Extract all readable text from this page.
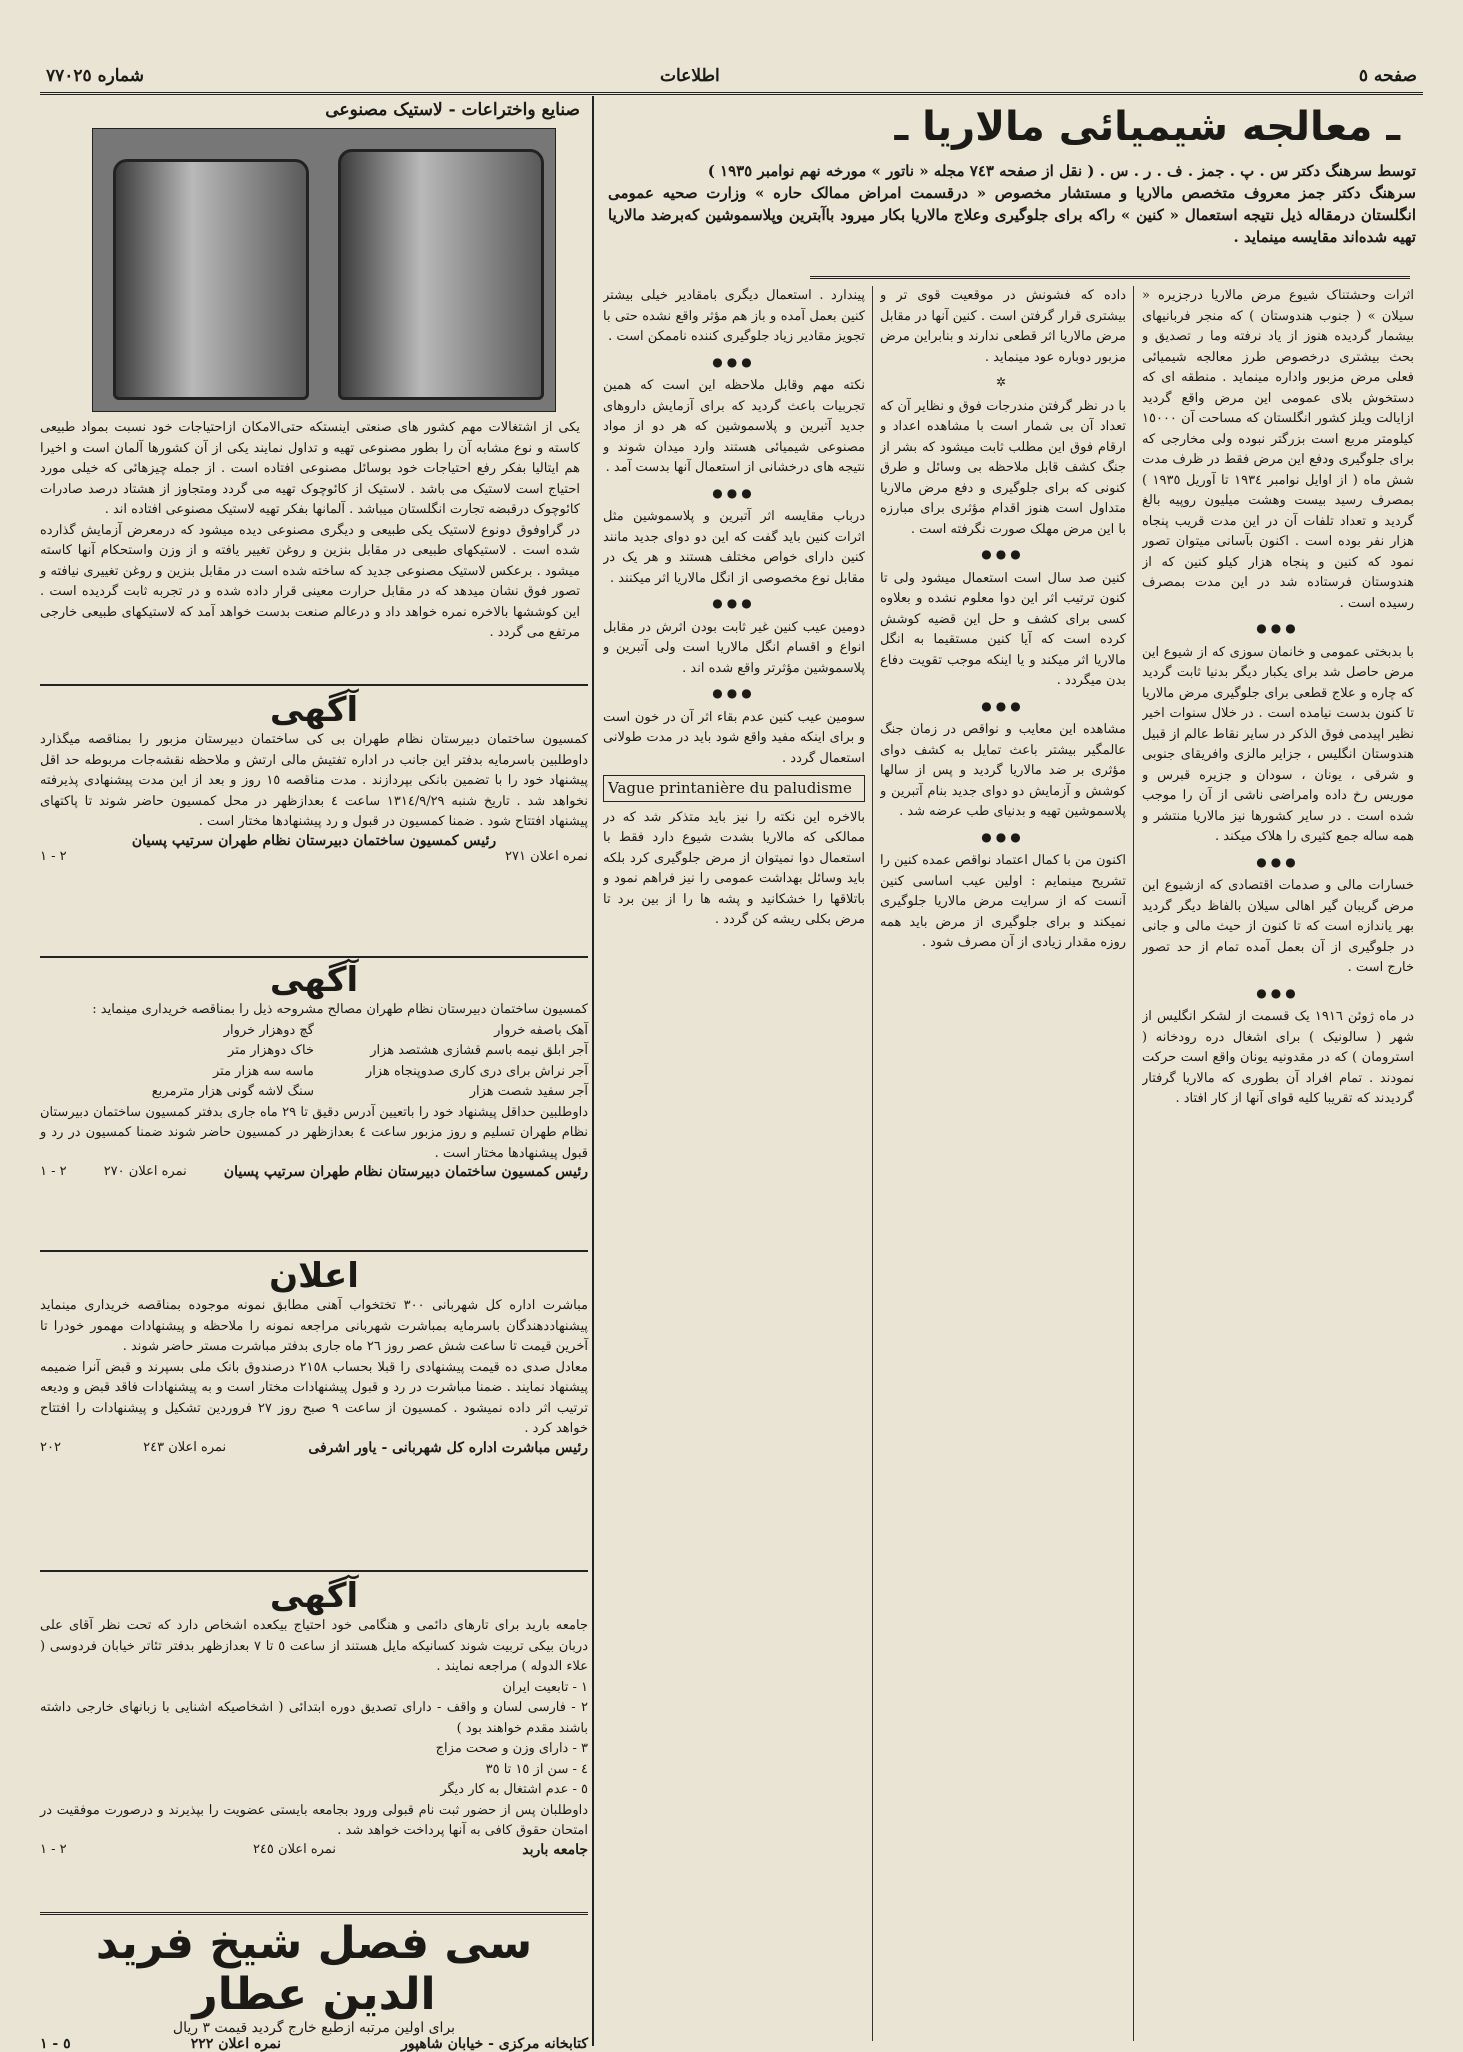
صفحه ٥
اطلاعات
شماره ٧٧٠٢٥
ـ معالجه شیمیائی مالاریا ـ
توسط سرهنگ دکتر س . پ . جمز . ف . ر . س . ( نقل از صفحه ٧٤٣ مجله « ناتور » مورخه نهم نوامبر ١٩٣٥ )
سرهنگ دکتر جمز معروف متخصص مالاریا و مستشار مخصوص « درقسمت امراض ممالک حاره » وزارت صحیه عمومی انگلستان درمقاله ذیل نتیجه استعمال « کنین » راکه برای جلوگیری وعلاج مالاریا بکار میرود باآبترین وپلاسموشین که‌برضد مالاریا تهیه شده‌اند مقایسه مینماید .
اثرات وحشتناک شیوع مرض مالاریا درجزیره « سیلان » ( جنوب هندوستان ) که منجر فربانیهای بیشمار گردیده هنوز از یاد نرفته وما ر تصدیق و بحث بیشتری درخصوص طرز معالجه شیمیائی فعلی مرض مزبور واداره مینماید . منطقه ای که دستخوش بلای عمومی این مرض واقع گردید ازایالت ویلز کشور انگلستان که مساحت آن ١٥٠٠٠ کیلومتر مربع است بزرگتر نبوده ولی مخارجی که برای جلوگیری ودفع این مرض فقط در ظرف مدت شش ماه ( از اوایل نوامبر ١٩٣٤ تا آوریل ١٩٣٥ ) بمصرف رسید بیست وهشت میلیون روپیه بالغ گردید و تعداد تلفات آن در این مدت قریب پنجاه هزار نفر بوده است . اکنون بآسانی میتوان تصور نمود که کنین و پنجاه هزار کیلو کنین که از هندوستان فرستاده شد در این مدت بمصرف رسیده است .
●●●
با بدبختی عمومی و خانمان سوزی که از شیوع این مرض حاصل شد برای یکبار دیگر بدنیا ثابت گردید که چاره و علاج قطعی برای جلوگیری مرض مالاریا تا کنون بدست نیامده است . در خلال سنوات اخیر نظیر اپیدمی فوق الذکر در سایر نقاط عالم از قبیل هندوستان انگلیس ، جزایر مالزی وافریقای جنوبی و شرقی ، یونان ، سودان و جزیره قبرس و موریس رخ داده وامراضی ناشی از آن را موجب شده است . در سایر کشورها نیز مالاریا منتشر و همه ساله جمع کثیری را هلاک میکند .
●●●
خسارات مالی و صدمات اقتصادی که ازشیوع این مرض گریبان گیر اهالی سیلان بالفاظ دیگر گردید بهر یاندازه است که تا کنون از حیث مالی و جانی در جلوگیری از آن بعمل آمده تمام از حد تصور خارج است .
●●●
در ماه ژوئن ١٩١٦ یک قسمت از لشکر انگلیس از شهر ( سالونیک ) برای اشغال دره رودخانه ( استرومان ) که در مقدونیه یونان واقع است حرکت نمودند . تمام افراد آن بطوری که مالاریا گرفتار گردیدند که تقریبا کلیه قوای آنها از کار افتاد .
داده که فشونش در موقعیت قوی تر و بیشتری قرار گرفتن است . کنین آنها در مقابل مرض مالاریا اثر قطعی ندارند و بنابراین مرض مزبور دوباره عود مینماید .
✲
با در نظر گرفتن مندرجات فوق و نظایر آن که تعداد آن بی شمار است با مشاهده اعداد و ارقام فوق این مطلب ثابت میشود که بشر از جنگ کشف قابل ملاحظه بی وسائل و طرق کنونی که برای جلوگیری و دفع مرض مالاریا متداول است هنوز اقدام مؤثری برای مبارزه با این مرض مهلک صورت نگرفته است .
●●●
کنین صد سال است استعمال میشود ولی تا کنون ترتیب اثر این دوا معلوم نشده و بعلاوه کسی برای کشف و حل این قضیه کوشش کرده است که آیا کنین مستقیما به انگل مالاریا اثر میکند و یا اینکه موجب تقویت دفاع بدن میگردد .
●●●
مشاهده این معایب و نواقص در زمان جنگ عالمگیر بیشتر باعث تمایل به کشف دوای مؤثری بر ضد مالاریا گردید و پس از سالها کوشش و آزمایش دو دوای جدید بنام آتبرین و پلاسموشین تهیه و بدنیای طب عرضه شد .
●●●
اکنون من با کمال اعتماد نواقص عمده کنین را تشریح مینمایم : اولین عیب اساسی کنین آنست که از سرایت مرض مالاریا جلوگیری نمیکند و برای جلوگیری از مرض باید همه روزه مقدار زیادی از آن مصرف شود .
پیندارد . استعمال دیگری بامقادیر خیلی بیشتر کنین بعمل آمده و باز هم مؤثر واقع نشده حتی با تجویز مقادیر زیاد جلوگیری کننده ناممکن است .
●●●
نکته مهم وقابل ملاحظه این است که همین تجربیات باعث گردید که برای آزمایش داروهای جدید آتبرین و پلاسموشین که هر دو از مواد مصنوعی شیمیائی هستند وارد میدان شوند و نتیجه های درخشانی از استعمال آنها بدست آمد .
●●●
درباب مقایسه اثر آتبرین و پلاسموشین مثل اثرات کنین باید گفت که این دو دوای جدید مانند کنین دارای خواص مختلف هستند و هر یک در مقابل نوع مخصوصی از انگل مالاریا اثر میکنند .
●●●
دومین عیب کنین غیر ثابت بودن اثرش در مقابل انواع و اقسام انگل مالاریا است ولی آتبرین و پلاسموشین مؤثرتر واقع شده اند .
●●●
سومین عیب کنین عدم بقاء اثر آن در خون است و برای اینکه مفید واقع شود باید در مدت طولانی استعمال گردد .
Vague printanière du paludisme
بالاخره این نکته را نیز باید متذکر شد که در ممالکی که مالاریا بشدت شیوع دارد فقط با استعمال دوا نمیتوان از مرض جلوگیری کرد بلکه باید وسائل بهداشت عمومی را نیز فراهم نمود و باتلاقها را خشکانید و پشه ها را از بین برد تا مرض بکلی ریشه کن گردد .
صنایع واختراعات - لاستیک مصنوعی
یکی از اشتغالات مهم کشور های صنعتی اینستکه حتی‌الامکان ازاحتیاجات خود نسبت بمواد طبیعی کاسته و نوع مشابه آن را بطور مصنوعی تهیه و تداول نمایند یکی از آن کشورها آلمان است و اخیرا هم ایتالیا بفکر رفع احتیاجات خود بوسائل مصنوعی افتاده است . از جمله چیزهائی که خیلی مورد احتیاج است لاستیک می باشد . لاستیک از کائوچوک تهیه می گردد ومتجاوز از هشتاد درصد صادرات کائوچوک درقبضه تجارت انگلستان میباشد . آلمانها بفکر تهیه لاستیک مصنوعی افتاده اند .
در گراوفوق دونوع لاستیک یکی طبیعی و دیگری مصنوعی دیده میشود که درمعرض آزمایش گذارده شده است . لاستیکهای طبیعی در مقابل بنزین و روغن تغییر یافته و از وزن واستحکام آنها کاسته میشود . برعکس لاستیک مصنوعی جدید که ساخته شده است در مقابل بنزین و روغن تغییری نیافته و تصور فوق نشان میدهد که در مقابل حرارت معینی قرار داده شده و در تجربه ثابت گردیده است . این کوششها بالاخره نمره خواهد داد و درعالم صنعت بدست خواهد آمد که لاستیکهای طبیعی خارجی مرتفع می گردد .
آگهی
کمسیون ساختمان دبیرستان نظام طهران بی کی ساختمان دبیرستان مزبور را بمناقصه میگذارد داوطلبین باسرمایه بدفتر این جانب در اداره تفتیش مالی ارتش و ملاحظه نقشه‌جات مربوطه حد اقل پیشنهاد خود را با تضمین بانکی بپردازند . مدت مناقصه ١٥ روز و بعد از این مدت پیشنهادی پذیرفته نخواهد شد . تاریخ شنبه ١٣١٤/٩/٢٩ ساعت ٤ بعدازظهر در محل کمسیون حاضر شوند تا پاکتهای پیشنهاد افتتاح شود . ضمنا کمسیون در قبول و رد پیشنهادها مختار است .
رئیس کمسیون ساختمان دبیرستان نظام طهران سرتیپ پسیان
نمره اعلان ٢٧١
٢ - ١
آگهی
کمسیون ساختمان دبیرستان نظام طهران مصالح مشروحه ذیل را بمناقصه خریداری مینماید :
آهک باصفه خروار
گچ دوهزار خروار
آجر ابلق نیمه باسم قشازی هشتصد هزار
خاک دوهزار متر
آجر نراش برای دری کاری صدوپنجاه هزار
ماسه سه هزار متر
آجر سفید شصت هزار
سنگ لاشه گونی هزار مترمربع
داوطلبین حداقل پیشنهاد خود را باتعیین آدرس دقیق تا ٢٩ ماه جاری بدفتر کمسیون ساختمان دبیرستان نظام طهران تسلیم و روز مزبور ساعت ٤ بعدازظهر در کمسیون حاضر شوند ضمنا کمسیون در رد و قبول پیشنهادها مختار است .
رئیس کمسیون ساختمان دبیرستان نظام طهران سرتیپ پسیان
نمره اعلان ٢٧٠
٢ - ١
اعلان
مباشرت اداره کل شهربانی ٣٠٠ تختخواب آهنی مطابق نمونه موجوده بمناقصه خریداری مینماید پیشنهاددهندگان باسرمایه بمباشرت شهربانی مراجعه نمونه را ملاحظه و پیشنهادات مهمور خودرا تا آخرین قیمت تا ساعت شش عصر روز ٢٦ ماه جاری بدفتر مباشرت مستر حاضر شوند .
معادل صدی ده قیمت پیشنهادی را قبلا بحساب ٢١٥٨ درصندوق بانک ملی بسپرند و قبض آنرا ضمیمه پیشنهاد نمایند . ضمنا مباشرت در رد و قبول پیشنهادات مختار است و به پیشنهادات فاقد قبض و ودیعه ترتیب اثر داده نمیشود . کمسیون از ساعت ٩ صبح روز ٢٧ فروردین تشکیل و پیشنهادات را افتتاح خواهد کرد .
رئیس مباشرت اداره کل شهربانی - یاور اشرفی
نمره اعلان ٢٤٣
٢٠٢
آگهی
جامعه بارید برای تارهای دائمی و هنگامی خود احتیاج بیکعده اشخاص دارد که تحت نظر آقای علی دربان بیکی تربیت شوند کسانیکه مایل هستند از ساعت ٥ تا ٧ بعدازظهر بدفتر تئاتر خیابان فردوسی ( علاء الدوله ) مراجعه نمایند .
١ - تابعیت ایران
٢ - فارسی لسان و واقف - دارای تصدیق دوره ابتدائی ( اشخاصیکه اشنایی با زبانهای خارجی داشته باشند مقدم خواهند بود )
٣ - دارای وزن و صحت مزاج
٤ - سن از ١٥ تا ٣٥
٥ - عدم اشتغال به کار دیگر
داوطلبان پس از حضور ثبت نام قبولی ورود بجامعه بایستی عضویت را بپذیرند و درصورت موفقیت در امتحان حقوق کافی به آنها پرداخت خواهد شد .
جامعه باربد
نمره اعلان ٢٤٥
٢ - ١
سی فصل شیخ فرید الدین عطار
برای اولین مرتبه ازطبع خارج گردید قیمت ٣ ریال
کتابخانه مرکزی - خیابان شاهپور
نمره اعلان ٢٢٢
٥ - ١
